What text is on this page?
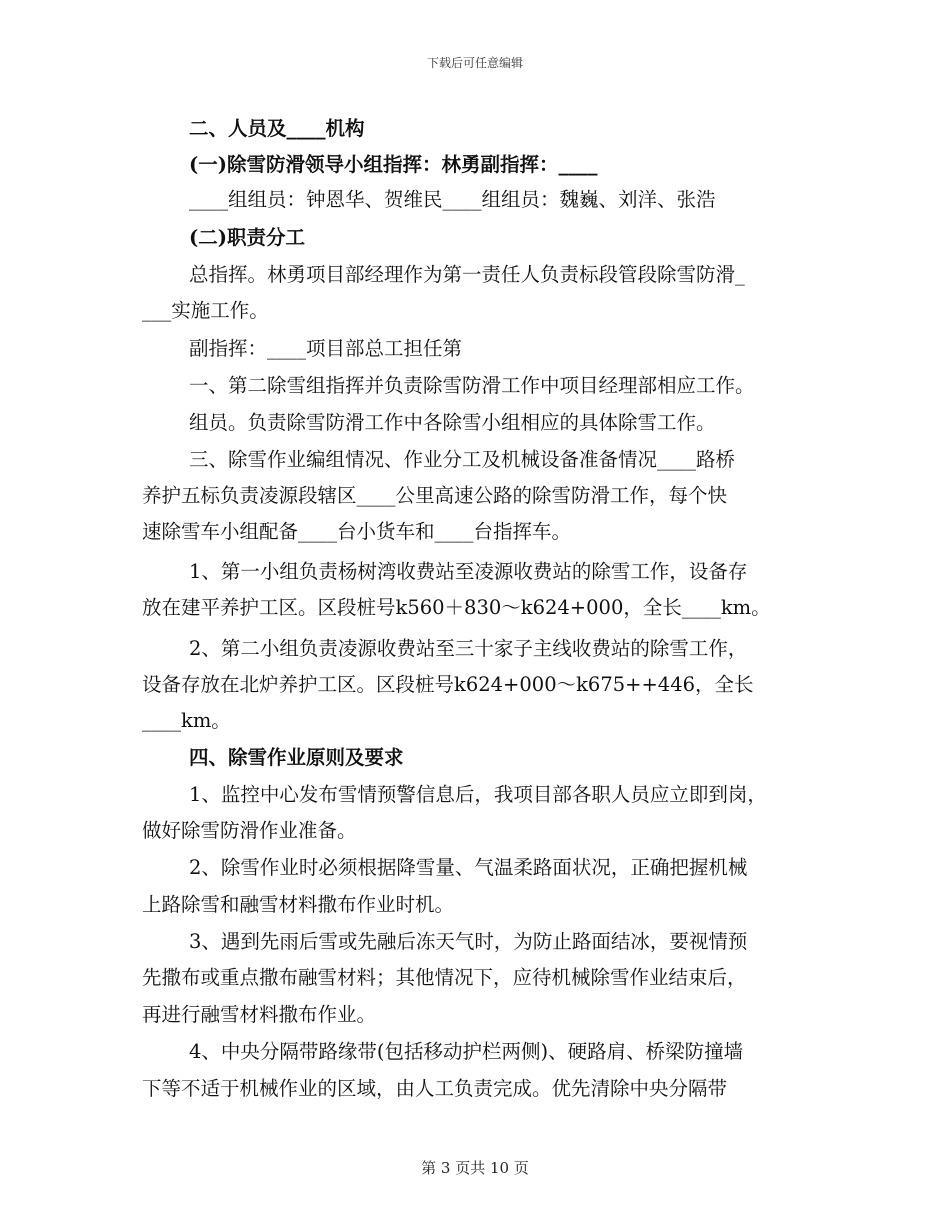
下载后可任意编辑
二、人员及____机构
(一)除雪防滑领导小组指挥：林勇副指挥：____
____组组员：钟恩华、贺维民____组组员：魏巍、刘洋、张浩
(二)职责分工
总指挥。林勇项目部经理作为第一责任人负责标段管段除雪防滑_
___实施工作。
副指挥：____项目部总工担任第
一、第二除雪组指挥并负责除雪防滑工作中项目经理部相应工作。
组员。负责除雪防滑工作中各除雪小组相应的具体除雪工作。
三、除雪作业编组情况、作业分工及机械设备准备情况____路桥
养护五标负责凌源段辖区____公里高速公路的除雪防滑工作，每个快
速除雪车小组配备____台小货车和____台指挥车。
1、第一小组负责杨树湾收费站至凌源收费站的除雪工作，设备存
放在建平养护工区。区段桩号k560＋830～k624+000，全长____km。
2、第二小组负责凌源收费站至三十家子主线收费站的除雪工作，
设备存放在北炉养护工区。区段桩号k624+000～k675++446，全长
____km。
四、除雪作业原则及要求
1、监控中心发布雪情预警信息后，我项目部各职人员应立即到岗，
做好除雪防滑作业准备。
2、除雪作业时必须根据降雪量、气温柔路面状况，正确把握机械
上路除雪和融雪材料撒布作业时机。
3、遇到先雨后雪或先融后冻天气时，为防止路面结冰，要视情预
先撒布或重点撒布融雪材料；其他情况下，应待机械除雪作业结束后，
再进行融雪材料撒布作业。
4、中央分隔带路缘带(包括移动护栏两侧)、硬路肩、桥梁防撞墙
下等不适于机械作业的区域，由人工负责完成。优先清除中央分隔带
第 3 页共 10 页
